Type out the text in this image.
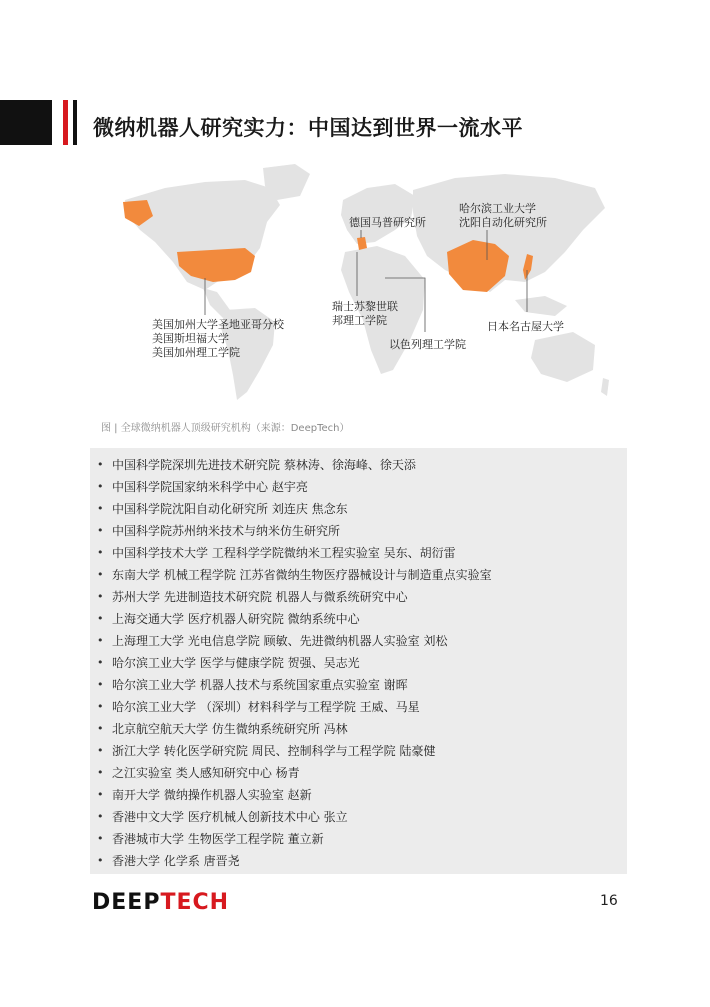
微纳机器人研究实力：中国达到世界一流水平
美国加州大学圣地亚哥分校
美国斯坦福大学
美国加州理工学院
德国马普研究所
瑞士苏黎世联
邦理工学院
以色列理工学院
哈尔滨工业大学
沈阳自动化研究所
日本名古屋大学
图 | 全球微纳机器人顶级研究机构（来源：DeepTech）
• 中国科学院深圳先进技术研究院 蔡林涛、徐海峰、徐天添
• 中国科学院国家纳米科学中心 赵宇亮
• 中国科学院沈阳自动化研究所 刘连庆 焦念东
• 中国科学院苏州纳米技术与纳米仿生研究所
• 中国科学技术大学 工程科学学院微纳米工程实验室 吴东、胡衍雷
• 东南大学 机械工程学院 江苏省微纳生物医疗器械设计与制造重点实验室
• 苏州大学 先进制造技术研究院 机器人与微系统研究中心
• 上海交通大学 医疗机器人研究院 微纳系统中心
• 上海理工大学 光电信息学院 顾敏、先进微纳机器人实验室 刘松
• 哈尔滨工业大学 医学与健康学院 贺强、吴志光
• 哈尔滨工业大学 机器人技术与系统国家重点实验室 谢晖
• 哈尔滨工业大学 （深圳）材料科学与工程学院 王威、马星
• 北京航空航天大学 仿生微纳系统研究所 冯林
• 浙江大学 转化医学研究院 周民、控制科学与工程学院 陆豪健
• 之江实验室 类人感知研究中心 杨青
• 南开大学 微纳操作机器人实验室 赵新
• 香港中文大学 医疗机械人创新技术中心 张立
• 香港城市大学 生物医学工程学院 董立新
• 香港大学 化学系 唐晋尧
DEEPTECH	16
